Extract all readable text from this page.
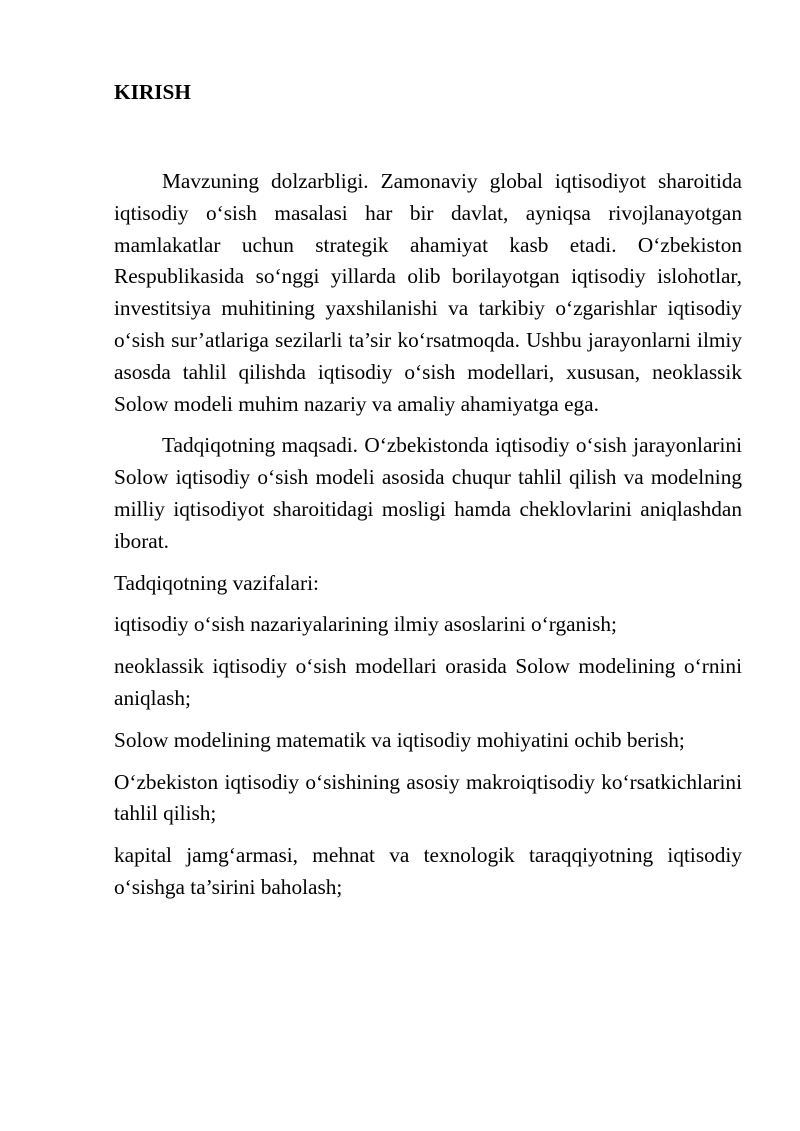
KIRISH

Mavzuning dolzarbligi. Zamonaviy global iqtisodiyot sharoitida iqtisodiy o‘sish masalasi har bir davlat, ayniqsa rivojlanayotgan mamlakatlar uchun strategik ahamiyat kasb etadi. O‘zbekiston Respublikasida so‘nggi yillarda olib borilayotgan iqtisodiy islohotlar, investitsiya muhitining yaxshilanishi va tarkibiy o‘zgarishlar iqtisodiy o‘sish sur’atlariga sezilarli ta’sir ko‘rsatmoqda. Ushbu jarayonlarni ilmiy asosda tahlil qilishda iqtisodiy o‘sish modellari, xususan, neoklassik Solow modeli muhim nazariy va amaliy ahamiyatga ega.

Tadqiqotning maqsadi. O‘zbekistonda iqtisodiy o‘sish jarayonlarini Solow iqtisodiy o‘sish modeli asosida chuqur tahlil qilish va modelning milliy iqtisodiyot sharoitidagi mosligi hamda cheklovlarini aniqlashdan iborat.

Tadqiqotning vazifalari:

iqtisodiy o‘sish nazariyalarining ilmiy asoslarini o‘rganish;

neoklassik iqtisodiy o‘sish modellari orasida Solow modelining o‘rnini aniqlash;

Solow modelining matematik va iqtisodiy mohiyatini ochib berish;

O‘zbekiston iqtisodiy o‘sishining asosiy makroiqtisodiy ko‘rsatkichlarini tahlil qilish;

kapital jamg‘armasi, mehnat va texnologik taraqqiyotning iqtisodiy o‘sishga ta’sirini baholash;
